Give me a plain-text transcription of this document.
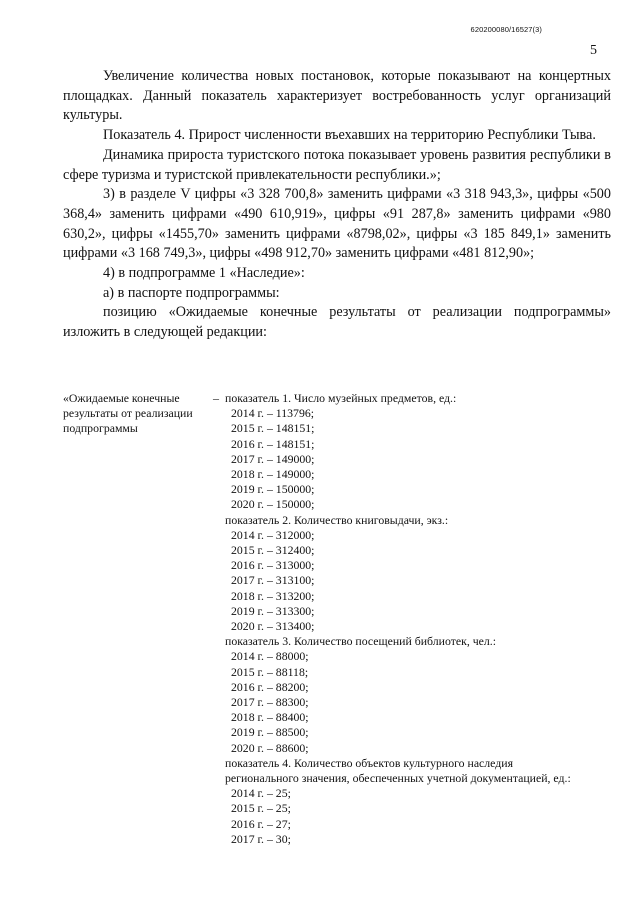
620200080/16527(3)
5

Увеличение количества новых постановок, которые показывают на концертных площадках. Данный показатель характеризует востребованность услуг организаций культуры.

Показатель 4. Прирост численности въехавших на территорию Республики Тыва.

Динамика прироста туристского потока показывает уровень развития республики в сфере туризма и туристской привлекательности республики.»;

3) в разделе V цифры «3 328 700,8» заменить цифрами «3 318 943,3», цифры «500 368,4» заменить цифрами «490 610,919», цифры «91 287,8» заменить цифрами «980 630,2», цифры «1455,70» заменить цифрами «8798,02», цифры «3 185 849,1» заменить цифрами «3 168 749,3», цифры «498 912,70» заменить цифрами «481 812,90»;

4) в подпрограмме 1 «Наследие»:

а) в паспорте подпрограммы:

позицию «Ожидаемые конечные результаты от реализации подпрограммы» изложить в следующей редакции:

«Ожидаемые конечные результаты от реализации подпрограммы
– показатель 1. Число музейных предметов, ед.:
2014 г. – 113796;
2015 г. – 148151;
2016 г. – 148151;
2017 г. – 149000;
2018 г. – 149000;
2019 г. – 150000;
2020 г. – 150000;
показатель 2. Количество книговыдачи, экз.:
2014 г. – 312000;
2015 г. – 312400;
2016 г. – 313000;
2017 г. – 313100;
2018 г. – 313200;
2019 г. – 313300;
2020 г. – 313400;
показатель 3. Количество посещений библиотек, чел.:
2014 г. – 88000;
2015 г. – 88118;
2016 г. – 88200;
2017 г. – 88300;
2018 г. – 88400;
2019 г. – 88500;
2020 г. – 88600;
показатель 4. Количество объектов культурного наследия регионального значения, обеспеченных учетной документацией, ед.:
2014 г. – 25;
2015 г. – 25;
2016 г. – 27;
2017 г. – 30;
